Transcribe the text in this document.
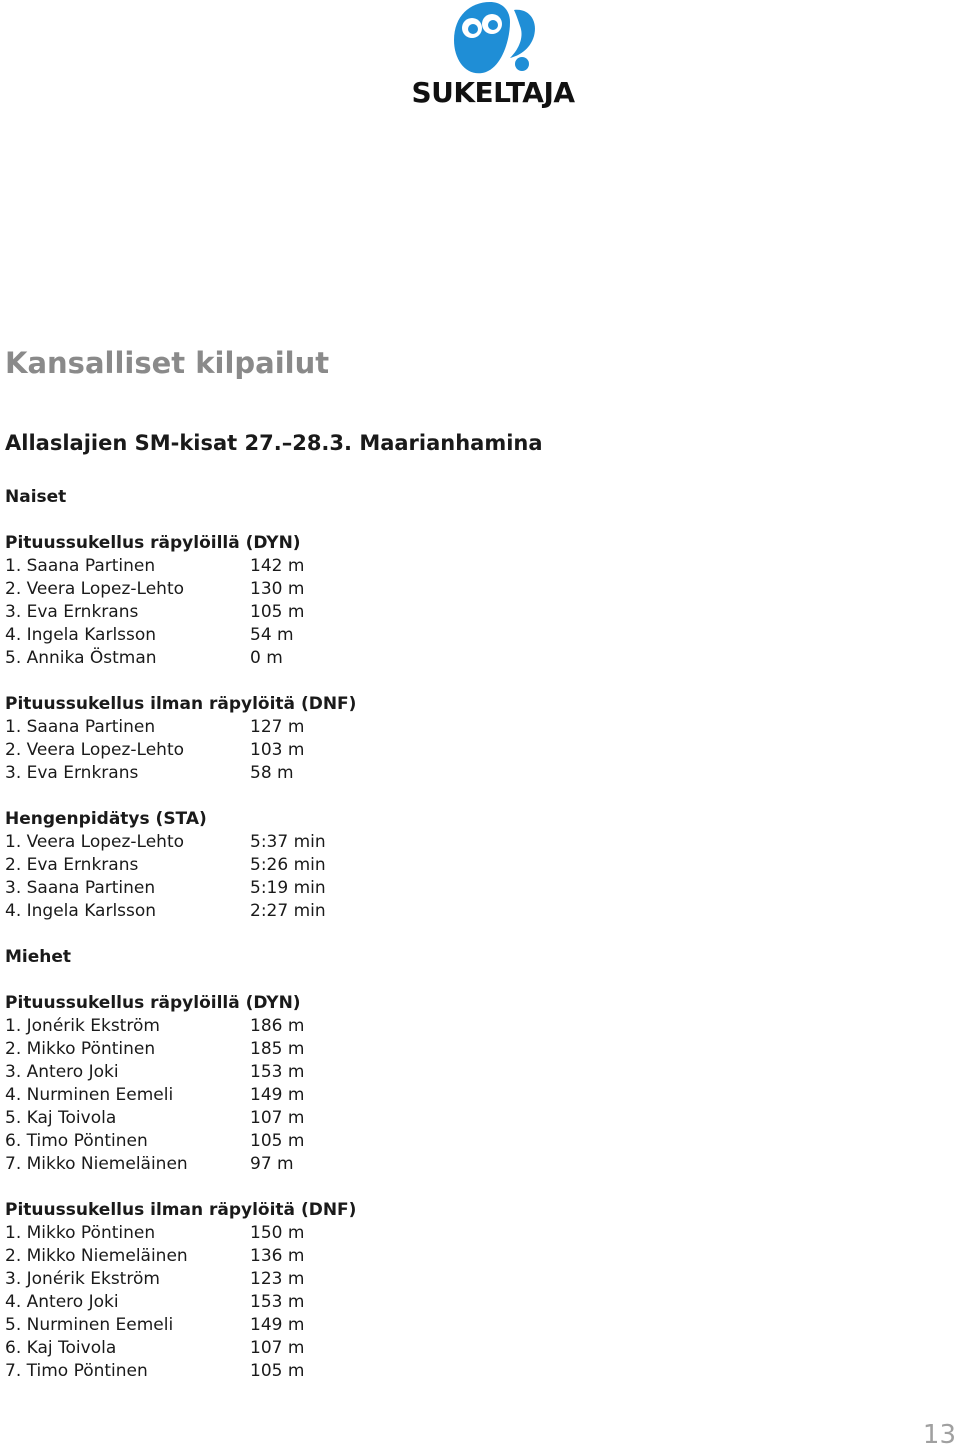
SUKELTAJA
Kansalliset kilpailut
Allaslajien SM-kisat 27.–28.3. Maarianhamina
Naiset
Pituussukellus räpylöillä (DYN)
1. Saana Partinen	142 m
2. Veera Lopez-Lehto	130 m
3. Eva Ernkrans	105 m
4. Ingela Karlsson	54 m
5. Annika Östman	0 m
Pituussukellus ilman räpylöitä (DNF)
1. Saana Partinen	127 m
2. Veera Lopez-Lehto	103 m
3. Eva Ernkrans	58 m
Hengenpidätys (STA)
1. Veera Lopez-Lehto	5:37 min
2. Eva Ernkrans	5:26 min
3. Saana Partinen	5:19 min
4. Ingela Karlsson	2:27 min
Miehet
Pituussukellus räpylöillä (DYN)
1. Jonérik Ekström	186 m
2. Mikko Pöntinen	185 m
3. Antero Joki	153 m
4. Nurminen Eemeli	149 m
5. Kaj Toivola	107 m
6. Timo Pöntinen	105 m
7. Mikko Niemeläinen	97 m
Pituussukellus ilman räpylöitä (DNF)
1. Mikko Pöntinen	150 m
2. Mikko Niemeläinen	136 m
3. Jonérik Ekström	123 m
4. Antero Joki	153 m
5. Nurminen Eemeli	149 m
6. Kaj Toivola	107 m
7. Timo Pöntinen	105 m
13
